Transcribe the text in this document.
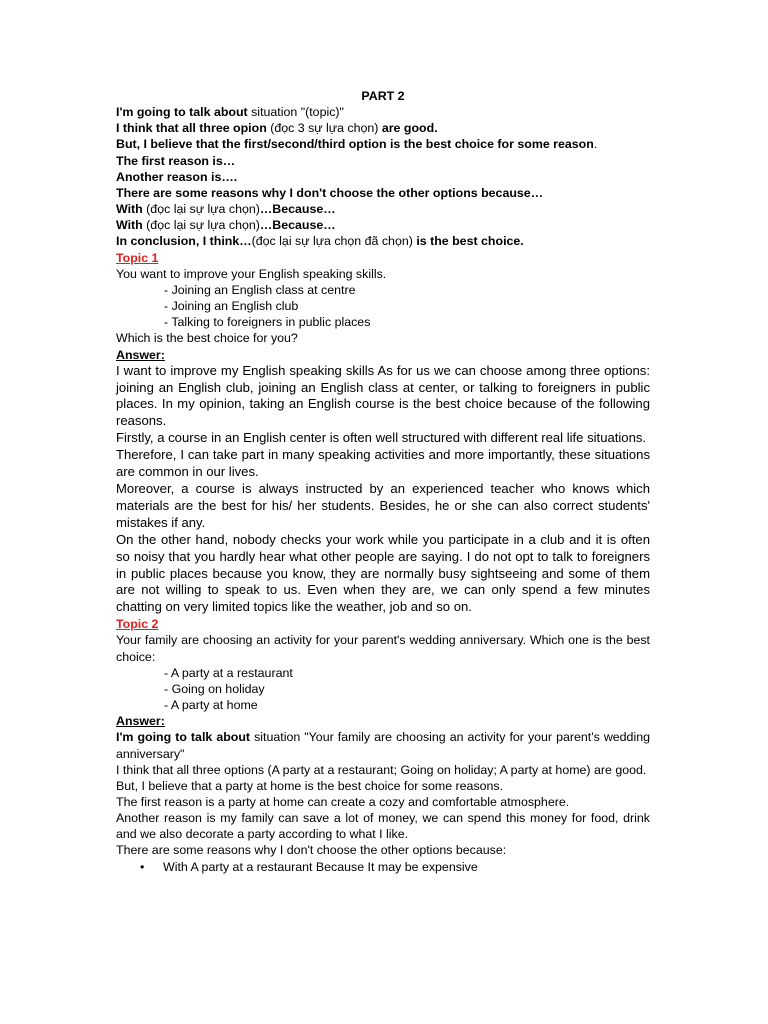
PART 2

I'm going to talk about situation "(topic)"

I think that all three opion (đọc 3 sự lựa chọn) are good.

But, I believe that the first/second/third option is the best choice for some reason.

The first reason is…

Another reason is….

There are some reasons why I don't choose the other options because…

With (đọc lại sự lựa chọn)…Because…

With (đọc lại sự lựa chọn)…Because…

In conclusion, I think…(đọc lại sự lựa chọn đã chọn) is the best choice.

Topic 1

You want to improve your English speaking skills.

- Joining an English class at centre

- Joining an English club

- Talking to foreigners in public places

Which is the best choice for you?

Answer:

I want to improve my English speaking skills As for us we can choose among three options: joining an English club, joining an English class at center, or talking to foreigners in public places. In my opinion, taking an English course is the best choice because of the following reasons.

Firstly, a course in an English center is often well structured with different real life situations.

Therefore, I can take part in many speaking activities and more importantly, these situations are common in our lives.

Moreover, a course is always instructed by an experienced teacher who knows which materials are the best for his/ her students. Besides, he or she can also correct students' mistakes if any.

On the other hand, nobody checks your work while you participate in a club and it is often so noisy that you hardly hear what other people are saying. I do not opt to talk to foreigners in public places because you know, they are normally busy sightseeing and some of them are not willing to speak to us. Even when they are, we can only spend a few minutes chatting on very limited topics like the weather, job and so on.

Topic 2

Your family are choosing an activity for your parent's wedding anniversary. Which one is the best choice:

- A party at a restaurant

- Going on holiday

- A party at home

Answer:

I'm going to talk about situation "Your family are choosing an activity for your parent's wedding anniversary"

I think that all three options (A party at a restaurant; Going on holiday; A party at home) are good.

But, I believe that a party at home is the best choice for some reasons.

The first reason is a party at home can create a cozy and comfortable atmosphere.

Another reason is my family can save a lot of money, we can spend this money for food, drink and we also decorate a party according to what I like.

There are some reasons why I don't choose the other options because:

• With A party at a restaurant Because It may be expensive
